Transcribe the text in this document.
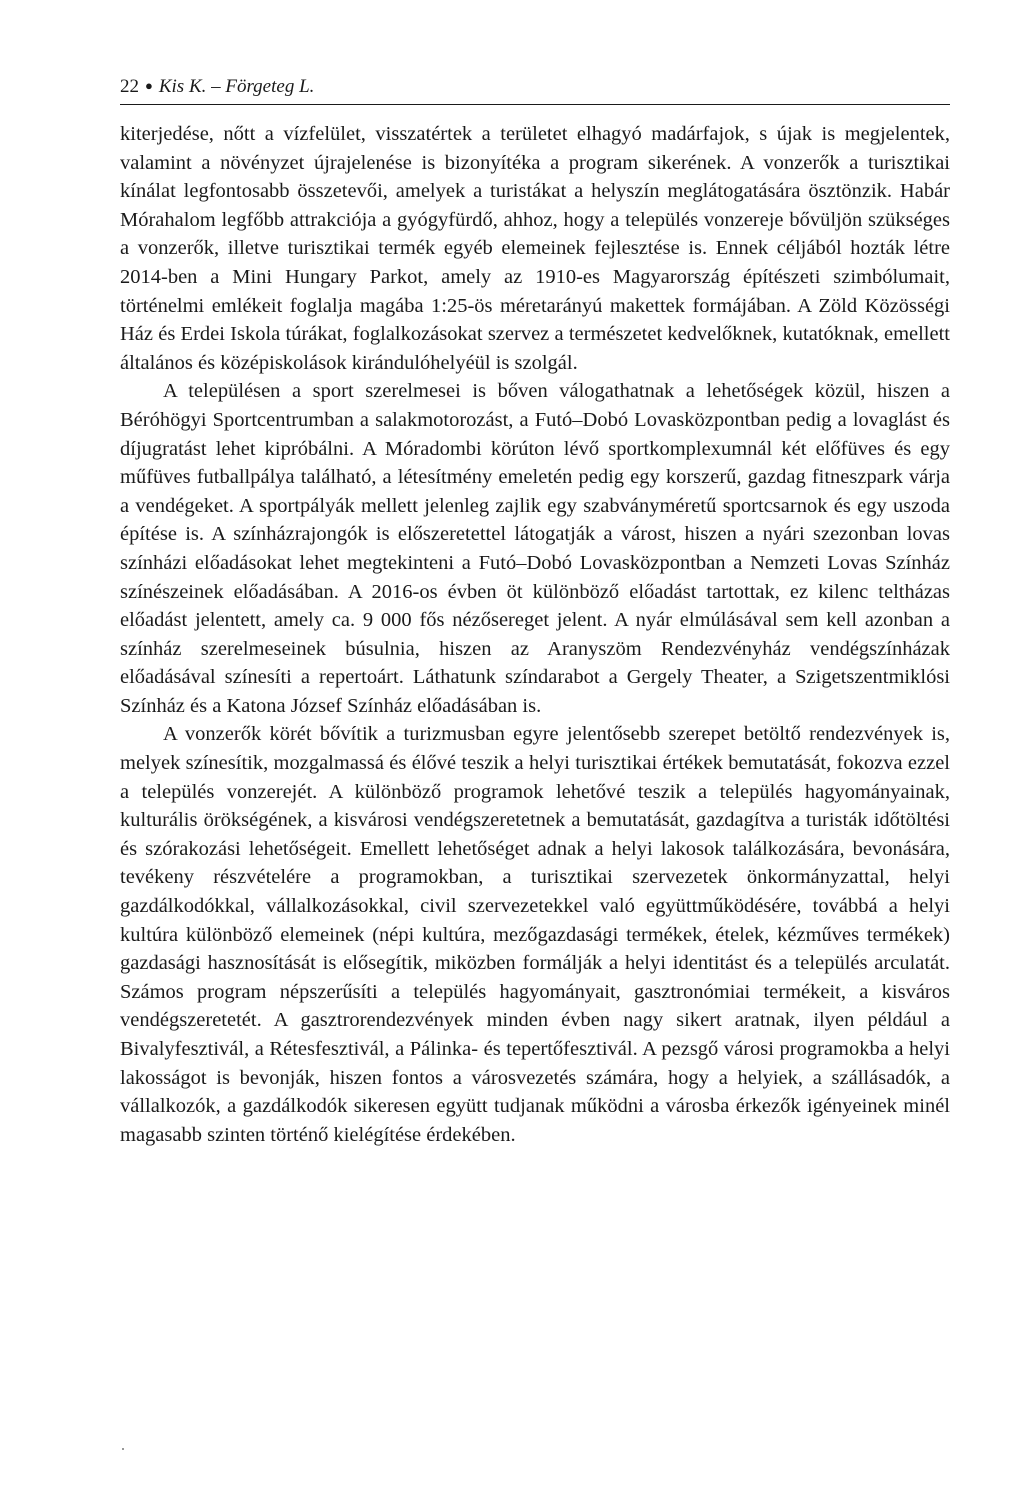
22 ● Kis K. – Förgeteg L.

kiterjedése, nőtt a vízfelület, visszatértek a területet elhagyó madárfajok, s újak is megjelentek, valamint a növényzet újrajelenése is bizonyítéka a program sikerének. A vonzerők a turisztikai kínálat legfontosabb összetevői, amelyek a turistákat a helyszín meglátogatására ösztönzik. Habár Mórahalom legfőbb attrakciója a gyógyfürdő, ahhoz, hogy a település vonzereje bővüljön szükséges a vonzerők, illetve turisztikai termék egyéb elemeinek fejlesztése is. Ennek céljából hozták létre 2014-ben a Mini Hungary Parkot, amely az 1910-es Magyarország építészeti szimbólumait, történelmi emlékeit foglalja magába 1:25-ös méretarányú makettek formájában. A Zöld Közösségi Ház és Erdei Iskola túrákat, foglalkozásokat szervez a természetet kedvelőknek, kutatóknak, emellett általános és középiskolások kirándulóhelyéül is szolgál.

A településen a sport szerelmesei is bőven válogathatnak a lehetőségek közül, hiszen a Béróhögyi Sportcentrumban a salakmotorozást, a Futó–Dobó Lovasközpontban pedig a lovaglást és díjugratást lehet kipróbálni. A Móradombi körúton lévő sportkomplexumnál két előfüves és egy műfüves futballpálya található, a létesítmény emeletén pedig egy korszerű, gazdag fitneszpark várja a vendégeket. A sportpályák mellett jelenleg zajlik egy szabványméretű sportcsarnok és egy uszoda építése is. A színházrajongók is előszeretettel látogatják a várost, hiszen a nyári szezonban lovas színházi előadásokat lehet megtekinteni a Futó–Dobó Lovasközpontban a Nemzeti Lovas Színház színészeinek előadásában. A 2016-os évben öt különböző előadást tartottak, ez kilenc teltházas előadást jelentett, amely ca. 9 000 fős nézősereget jelent. A nyár elmúlásával sem kell azonban a színház szerelmeseinek búsulnia, hiszen az Aranyszöm Rendezvényház vendégszínházak előadásával színesíti a repertoárt. Láthatunk színdarabot a Gergely Theater, a Szigetszentmiklósi Színház és a Katona József Színház előadásában is.

A vonzerők körét bővítik a turizmusban egyre jelentősebb szerepet betöltő rendezvények is, melyek színesítik, mozgalmassá és élővé teszik a helyi turisztikai értékek bemutatását, fokozva ezzel a település vonzerejét. A különböző programok lehetővé teszik a település hagyományainak, kulturális örökségének, a kisvárosi vendégszeretetnek a bemutatását, gazdagítva a turisták időtöltési és szórakozási lehetőségeit. Emellett lehetőséget adnak a helyi lakosok találkozására, bevonására, tevékeny részvételére a programokban, a turisztikai szervezetek önkormányzattal, helyi gazdálkodókkal, vállalkozásokkal, civil szervezetekkel való együttműködésére, továbbá a helyi kultúra különböző elemeinek (népi kultúra, mezőgazdasági termékek, ételek, kézműves termékek) gazdasági hasznosítását is elősegítik, miközben formálják a helyi identitást és a település arculatát. Számos program népszerűsíti a település hagyományait, gasztronómiai termékeit, a kisváros vendégszeretetét. A gasztrorendezvények minden évben nagy sikert aratnak, ilyen például a Bivalyfesztivál, a Rétesfesztivál, a Pálinka- és tepertőfesztivál. A pezsgő városi programokba a helyi lakosságot is bevonják, hiszen fontos a városvezetés számára, hogy a helyiek, a szállásadók, a vállalkozók, a gazdálkodók sikeresen együtt tudjanak működni a városba érkezők igényeinek minél magasabb szinten történő kielégítése érdekében.
